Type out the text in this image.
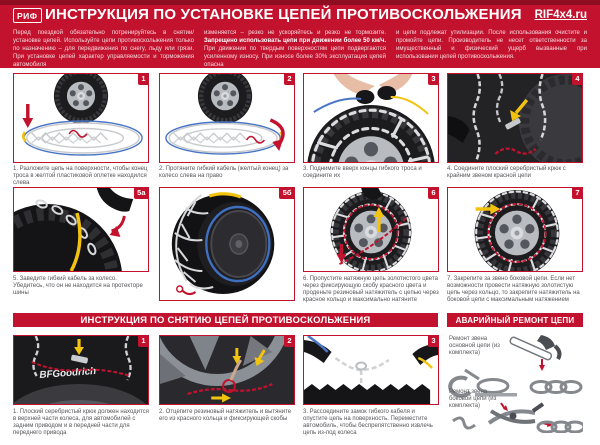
РИФ ИНСТРУКЦИЯ ПО УСТАНОВКЕ ЦЕПЕЙ ПРОТИВОСКОЛЬЖЕНИЯ RIF4x4.ru
Перед поездкой обязательно потренируйтесь в снятии/установке цепей. Используйте цепи противоскольжения только по назначению – для передвижения по снегу, льду или грязи. При установке цепей характер управляемости и торможения автомобиля
изменяется – резко не ускоряйтесь и резко не тормозите. Запрещено использовать цепи при движении более 50 км/ч. При движении по твердым поверхностям цепи подвергаются усиленному износу. При износе более 30% эксплуатация цепей опасна
и цепи подлежат утилизации. После использования очистите и промойте цепи. Производитель не несет ответственности за имущественный и физический ущерб вызванные при использовании цепей противоскольжения.
1
1. Разложите цепь на поверхности, чтобы конец троса в желтой пластиковой оплетке находился слева
2
2. Протяните гибкий кабель (желтый конец) за колесо слева на право
3
3. Поднимите вверх концы гибкого троса и соедините их
4
4. Соедините плоский серебристый крюк с крайним звеном красной цепи
5а
5. Заведите гибкий кабель за колесо. Убедитесь, что он не находится на протекторе шины
5б	6
6. Пропустите натяжную цепь золотистого цвета через фиксирующую скобу красного цвета и проденьте резиновый натяжитель с цепью через красное кольцо и максимально натяните
7
7. Закрепите за звено боковой цепи. Если нет возможности провести натяжную золотистую цепь через кольцо, то закрепите натяжитель на боковой цепи с максимальным натяжением
ИНСТРУКЦИЯ ПО СНЯТИЮ ЦЕПЕЙ ПРОТИВОСКОЛЬЖЕНИЯ	АВАРИЙНЫЙ РЕМОНТ ЦЕПИ
BFGoodrich
1
1. Плоский серебристый крюк должен находится в верхней части колеса, для автомобилей с задним приводом и в передней части для переднего привода
2
2. Отцепите резиновый натяжитель и вытяните его из красного кольца и фиксирующей скобы
3
3. Рассоедините замок гибкого кабеля и опустите цепь на поверхность. Переместите автомобиль, чтобы беспрепятственно извлечь цепь из-под колеса
Ремонт звена основной цепи (из комплекта)
Ремонт звена боковой цепи (из комплекта)
